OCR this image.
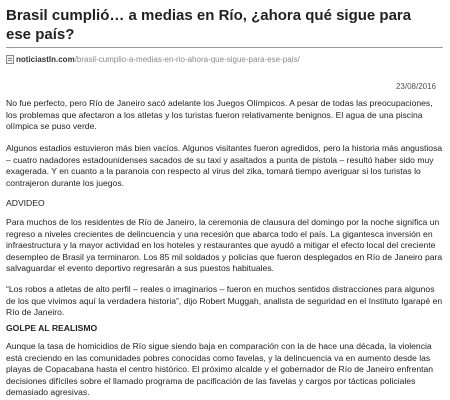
Brasil cumplió… a medias en Río, ¿ahora qué sigue para ese país?
noticiastln.com /brasil-cumplio-a-medias-en-rio-ahora-que-sigue-para-ese-pais/
23/08/2016

No fue perfecto, pero Río de Janeiro sacó adelante los Juegos Olímpicos. A pesar de todas las preocupaciones, los problemas que afectaron a los atletas y los turistas fueron relativamente benignos. El agua de una piscina olímpica se puso verde.

Algunos estadios estuvieron más bien vacíos. Algunos visitantes fueron agredidos, pero la historia más angustiosa – cuatro nadadores estadounidenses sacados de su taxi y asaltados a punta de pistola – resultó haber sido muy exagerada. Y en cuanto a la paranoia con respecto al virus del zika, tomará tiempo averiguar si los turistas lo contrajeron durante los juegos.

ADVIDEO

Para muchos de los residentes de Río de Janeiro, la ceremonia de clausura del domingo por la noche significa un regreso a niveles crecientes de delincuencia y una recesión que abarca todo el país. La gigantesca inversión en infraestructura y la mayor actividad en los hoteles y restaurantes que ayudó a mitigar el efecto local del creciente desempleo de Brasil ya terminaron. Los 85 mil soldados y policías que fueron desplegados en Río de Janeiro para salvaguardar el evento deportivo regresarán a sus puestos habituales.

“Los robos a atletas de alto perfil – reales o imaginarios – fueron en muchos sentidos distracciones para algunos de los que vivimos aquí la verdadera historia”, dijo Robert Muggah, analista de seguridad en el Instituto Igarapé en Río de Janeiro.

GOLPE AL REALISMO

Aunque la tasa de homicidios de Río sigue siendo baja en comparación con la de hace una década, la violencia está creciendo en las comunidades pobres conocidas como favelas, y la delincuencia va en aumento desde las playas de Copacabana hasta el centro histórico. El próximo alcalde y el gobernador de Río de Janeiro enfrentan decisiones difíciles sobre el llamado programa de pacificación de las favelas y cargos por tácticas policiales demasiado agresivas.
